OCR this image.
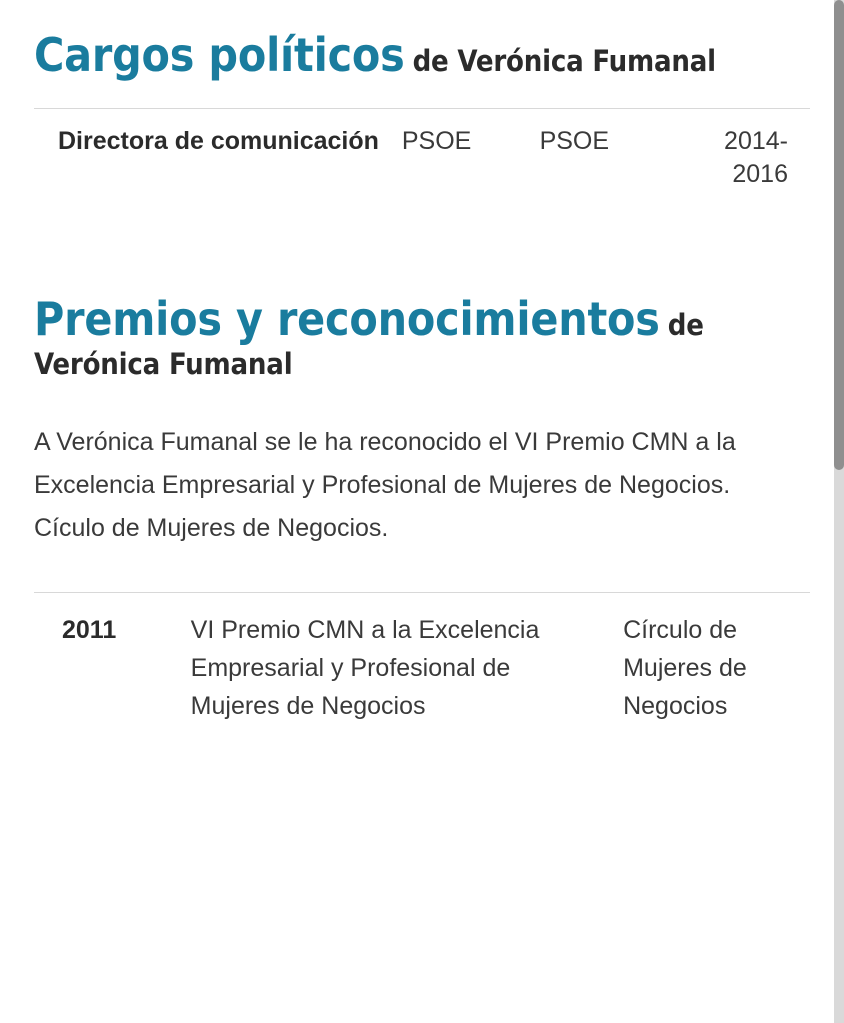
Cargos políticos de Verónica Fumanal
Directora de comunicación	PSOE	PSOE	2014-2016
Premios y reconocimientos de Verónica Fumanal

A Verónica Fumanal se le ha reconocido el VI Premio CMN a la Excelencia Empresarial y Profesional de Mujeres de Negocios. Cículo de Mujeres de Negocios.

2011	VI Premio CMN a la Excelencia Empresarial y Profesional de Mujeres de Negocios	Círculo de Mujeres de Negocios
